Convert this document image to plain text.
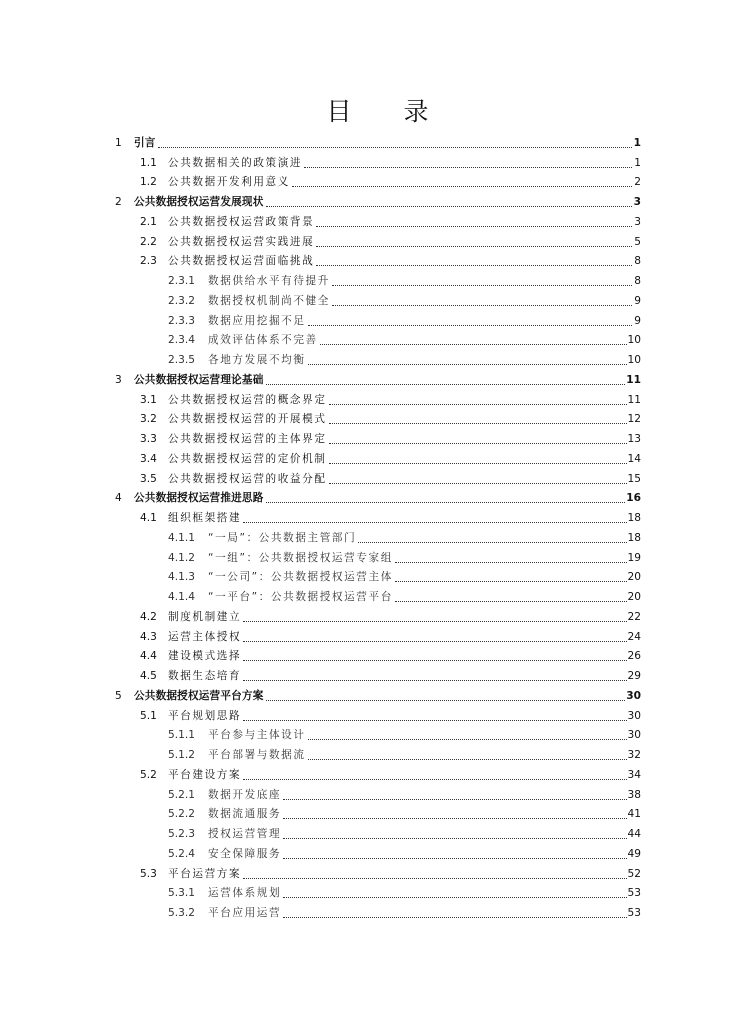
目 录
1 引言	1
1.1 公共数据相关的政策演进	1
1.2 公共数据开发利用意义	2
2 公共数据授权运营发展现状	3
2.1 公共数据授权运营政策背景	3
2.2 公共数据授权运营实践进展	5
2.3 公共数据授权运营面临挑战	8
2.3.1 数据供给水平有待提升	8
2.3.2 数据授权机制尚不健全	9
2.3.3 数据应用挖掘不足	9
2.3.4 成效评估体系不完善	10
2.3.5 各地方发展不均衡	10
3 公共数据授权运营理论基础	11
3.1 公共数据授权运营的概念界定	11
3.2 公共数据授权运营的开展模式	12
3.3 公共数据授权运营的主体界定	13
3.4 公共数据授权运营的定价机制	14
3.5 公共数据授权运营的收益分配	15
4 公共数据授权运营推进思路	16
4.1 组织框架搭建	18
4.1.1 “一局”：公共数据主管部门	18
4.1.2 “一组”：公共数据授权运营专家组	19
4.1.3 “一公司”：公共数据授权运营主体	20
4.1.4 “一平台”：公共数据授权运营平台	20
4.2 制度机制建立	22
4.3 运营主体授权	24
4.4 建设模式选择	26
4.5 数据生态培育	29
5 公共数据授权运营平台方案	30
5.1 平台规划思路	30
5.1.1 平台参与主体设计	30
5.1.2 平台部署与数据流	32
5.2 平台建设方案	34
5.2.1 数据开发底座	38
5.2.2 数据流通服务	41
5.2.3 授权运营管理	44
5.2.4 安全保障服务	49
5.3 平台运营方案	52
5.3.1 运营体系规划	53
5.3.2 平台应用运营	53
